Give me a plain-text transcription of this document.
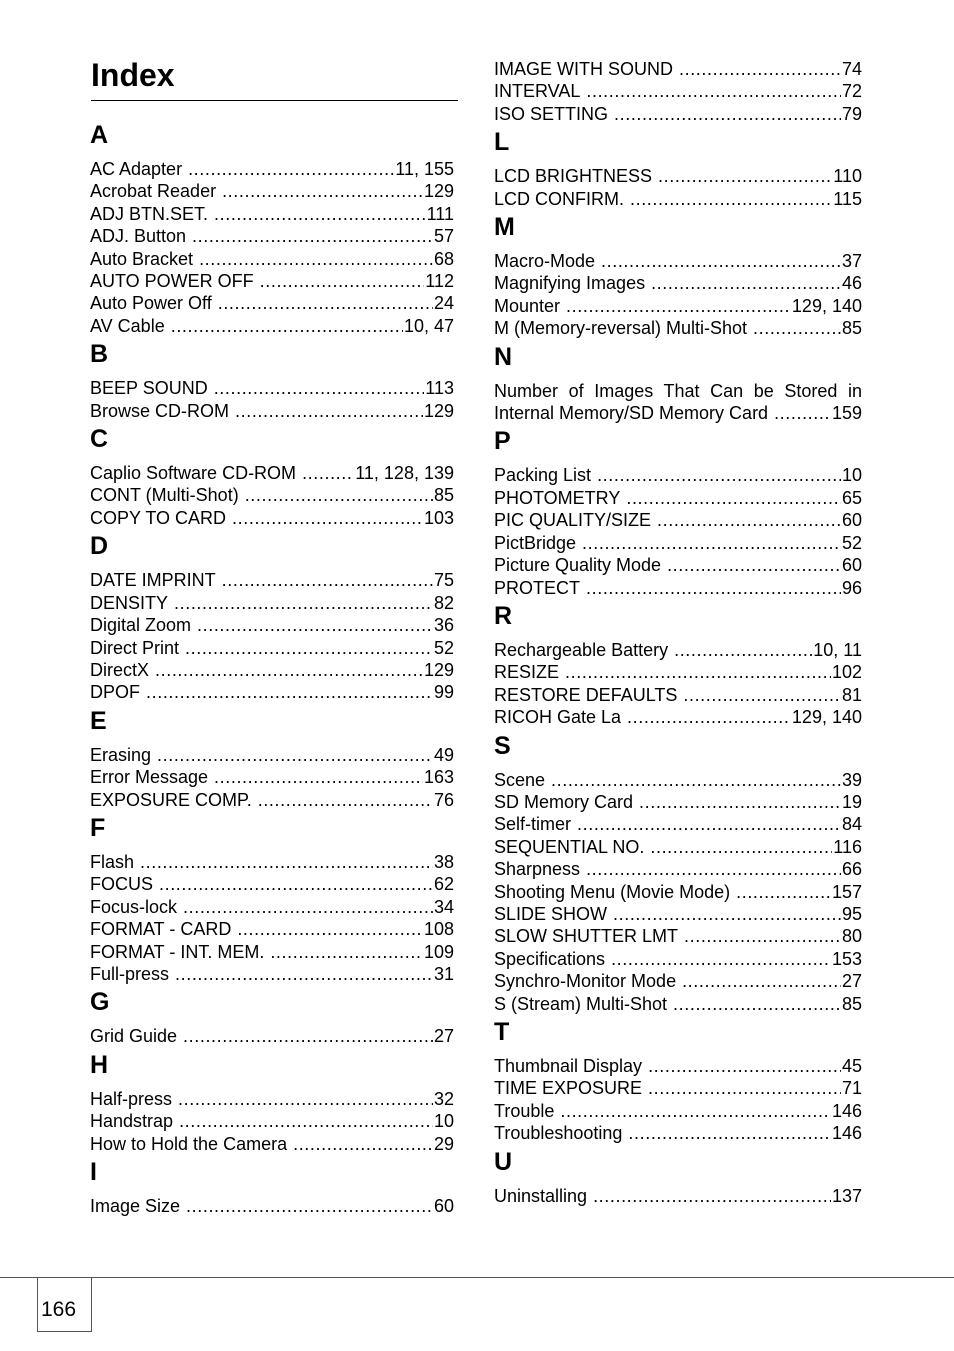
Index
A
AC Adapter .....	11, 155
Acrobat Reader .....	129
ADJ BTN.SET. .....	111
ADJ. Button .....	57
Auto Bracket .....	68
AUTO POWER OFF .....	112
Auto Power Off .....	24
AV Cable .....	10, 47
B
BEEP SOUND .....	113
Browse CD-ROM .....	129
C
Caplio Software CD-ROM .....	11, 128, 139
CONT (Multi-Shot) .....	85
COPY TO CARD .....	103
D
DATE IMPRINT .....	75
DENSITY .....	82
Digital Zoom .....	36
Direct Print .....	52
DirectX .....	129
DPOF .....	99
E
Erasing .....	49
Error Message .....	163
EXPOSURE COMP. .....	76
F
Flash .....	38
FOCUS .....	62
Focus-lock .....	34
FORMAT - CARD .....	108
FORMAT - INT. MEM. .....	109
Full-press .....	31
G
Grid Guide .....	27
H
Half-press .....	32
Handstrap .....	10
How to Hold the Camera .....	29
I
Image Size .....	60
IMAGE WITH SOUND .....	74
INTERVAL .....	72
ISO SETTING .....	79
L
LCD BRIGHTNESS .....	110
LCD CONFIRM. .....	115
M
Macro-Mode .....	37
Magnifying Images .....	46
Mounter .....	129, 140
M (Memory-reversal) Multi-Shot .....	85
N
Number of Images That Can be Stored in
Internal Memory/SD Memory Card .....	159
P
Packing List .....	10
PHOTOMETRY .....	65
PIC QUALITY/SIZE .....	60
PictBridge .....	52
Picture Quality Mode .....	60
PROTECT .....	96
R
Rechargeable Battery .....	10, 11
RESIZE .....	102
RESTORE DEFAULTS .....	81
RICOH Gate La .....	129, 140
S
Scene .....	39
SD Memory Card .....	19
Self-timer .....	84
SEQUENTIAL NO. .....	116
Sharpness .....	66
Shooting Menu (Movie Mode) .....	157
SLIDE SHOW .....	95
SLOW SHUTTER LMT .....	80
Specifications .....	153
Synchro-Monitor Mode .....	27
S (Stream) Multi-Shot .....	85
T
Thumbnail Display .....	45
TIME EXPOSURE .....	71
Trouble .....	146
Troubleshooting .....	146
U
Uninstalling .....	137
166
